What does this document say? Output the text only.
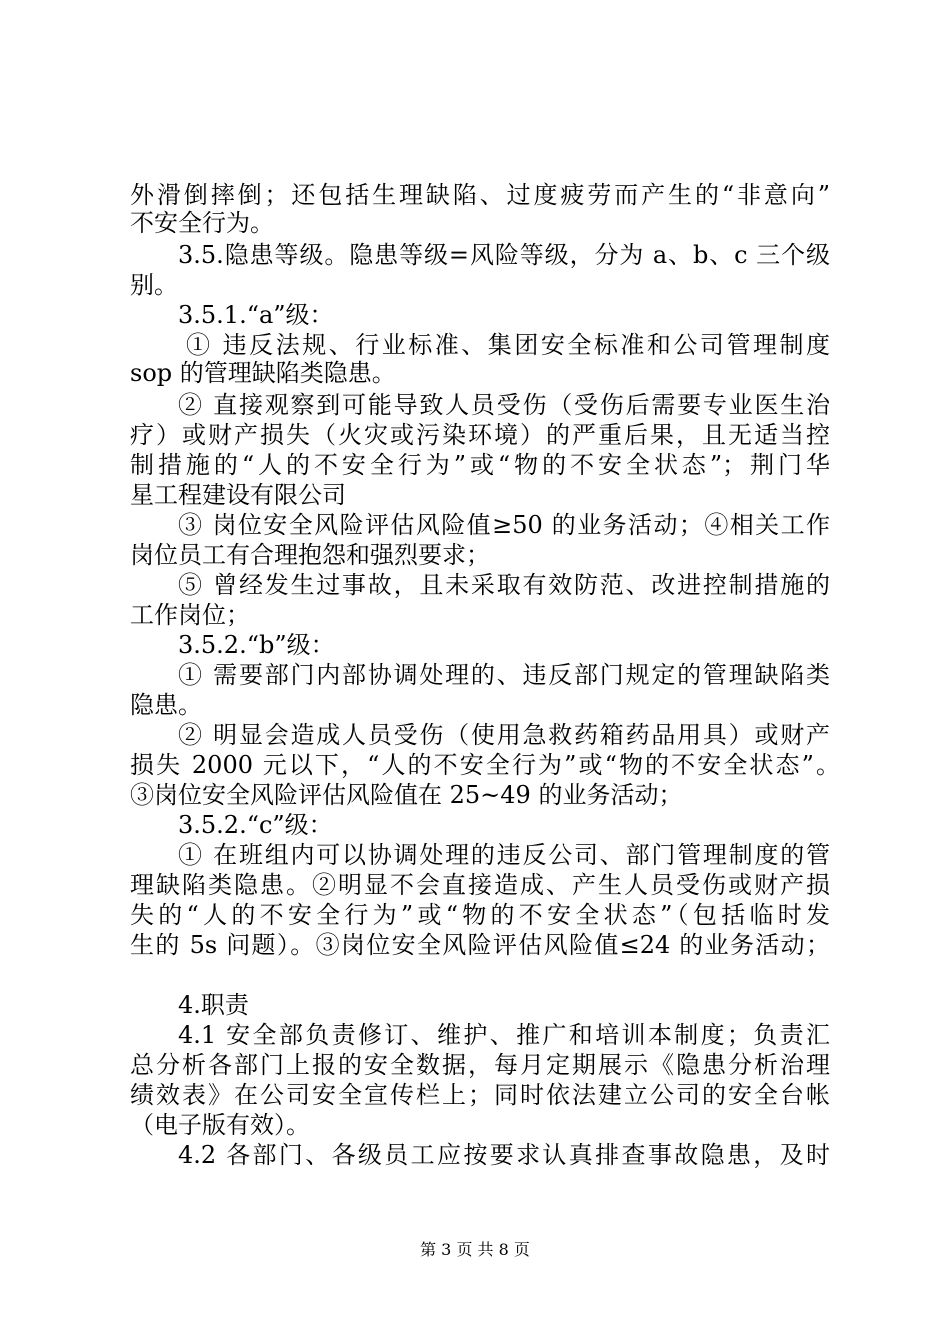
外滑倒摔倒；还包括生理缺陷、过度疲劳而产生的“非意向”
不安全行为。
3.5.隐患等级。隐患等级=风险等级，分为 a、b、c 三个级
别。
3.5.1.“a”级：
① 违反法规、行业标准、集团安全标准和公司管理制度
sop 的管理缺陷类隐患。
② 直接观察到可能导致人员受伤（受伤后需要专业医生治
疗）或财产损失（火灾或污染环境）的严重后果，且无适当控
制措施的“人的不安全行为”或“物的不安全状态”；荆门华
星工程建设有限公司
③ 岗位安全风险评估风险值≥50 的业务活动；④相关工作
岗位员工有合理抱怨和强烈要求；
⑤ 曾经发生过事故，且未采取有效防范、改进控制措施的
工作岗位；
3.5.2.“b”级：
① 需要部门内部协调处理的、违反部门规定的管理缺陷类
隐患。
② 明显会造成人员受伤（使用急救药箱药品用具）或财产
损失 2000 元以下，“人的不安全行为”或“物的不安全状态”。
③岗位安全风险评估风险值在 25~49 的业务活动；
3.5.2.“c”级：
① 在班组内可以协调处理的违反公司、部门管理制度的管
理缺陷类隐患。②明显不会直接造成、产生人员受伤或财产损
失的“人的不安全行为”或“物的不安全状态”（包括临时发
生的 5s 问题）。③岗位安全风险评估风险值≤24 的业务活动；
4.职责
4.1 安全部负责修订、维护、推广和培训本制度；负责汇
总分析各部门上报的安全数据，每月定期展示《隐患分析治理
绩效表》在公司安全宣传栏上；同时依法建立公司的安全台帐
（电子版有效）。
4.2 各部门、各级员工应按要求认真排查事故隐患，及时
第 3 页 共 8 页
